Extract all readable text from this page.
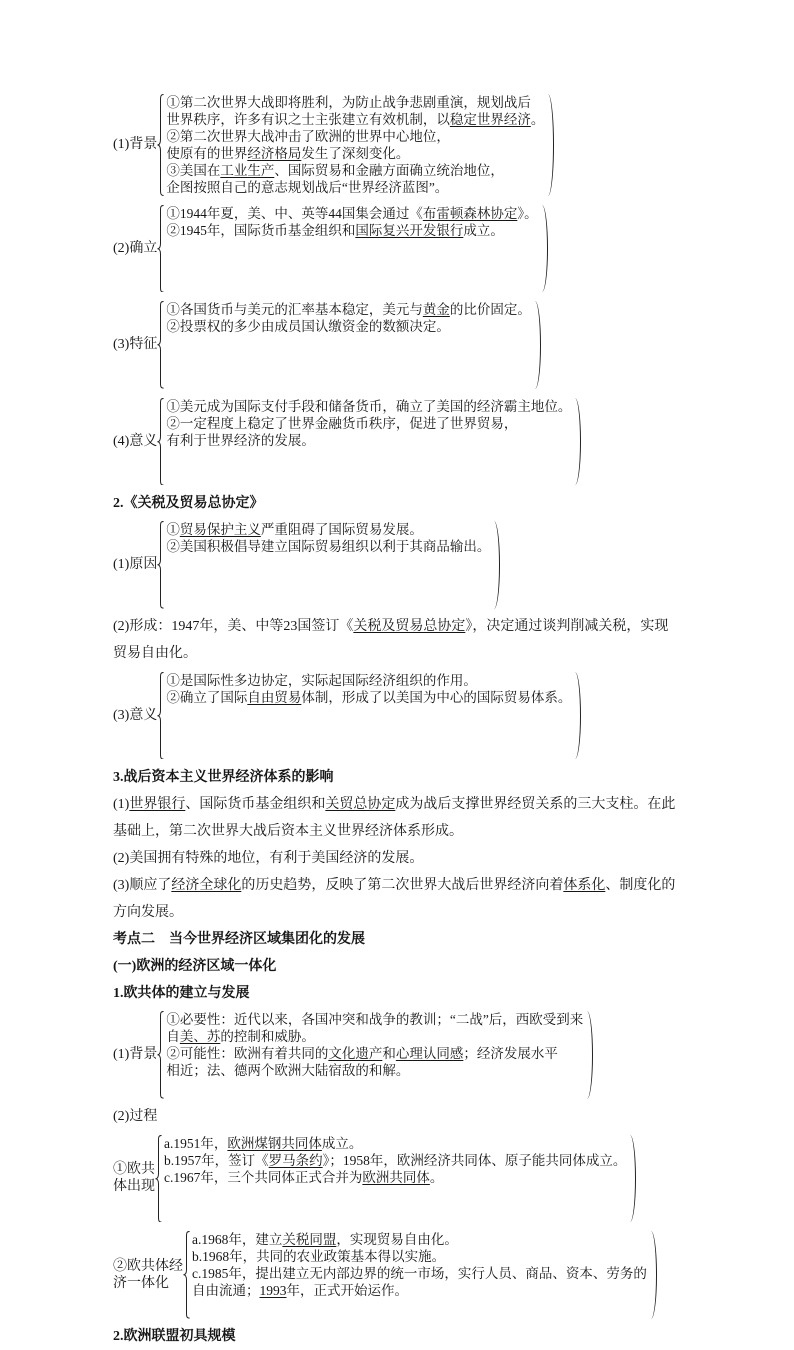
(1)背景
①第二次世界大战即将胜利，为防止战争悲剧重演，规划战后
世界秩序，许多有识之士主张建立有效机制，以稳定世界经济。
②第二次世界大战冲击了欧洲的世界中心地位，
使原有的世界经济格局发生了深刻变化。
③美国在工业生产、国际贸易和金融方面确立统治地位，
企图按照自己的意志规划战后“世界经济蓝图”。
(2)确立
①1944年夏，美、中、英等44国集会通过《布雷顿森林协定》。
②1945年，国际货币基金组织和国际复兴开发银行成立。
(3)特征
①各国货币与美元的汇率基本稳定，美元与黄金的比价固定。
②投票权的多少由成员国认缴资金的数额决定。
(4)意义
①美元成为国际支付手段和储备货币，确立了美国的经济霸主地位。
②一定程度上稳定了世界金融货币秩序，促进了世界贸易，
有利于世界经济的发展。
2.《关税及贸易总协定》
(1)原因
①贸易保护主义严重阻碍了国际贸易发展。
②美国积极倡导建立国际贸易组织以利于其商品输出。
(2)形成：1947年，美、中等23国签订《关税及贸易总协定》，决定通过谈判削减关税，实现
贸易自由化。
(3)意义
①是国际性多边协定，实际起国际经济组织的作用。
②确立了国际自由贸易体制，形成了以美国为中心的国际贸易体系。
3.战后资本主义世界经济体系的影响
(1)世界银行、国际货币基金组织和关贸总协定成为战后支撑世界经贸关系的三大支柱。在此
基础上，第二次世界大战后资本主义世界经济体系形成。
(2)美国拥有特殊的地位，有利于美国经济的发展。
(3)顺应了经济全球化的历史趋势，反映了第二次世界大战后世界经济向着体系化、制度化的
方向发展。
考点二　当今世界经济区域集团化的发展
(一)欧洲的经济区域一体化
1.欧共体的建立与发展
(1)背景
①必要性：近代以来，各国冲突和战争的教训；“二战”后，西欧受到来
自美、苏的控制和威胁。
②可能性：欧洲有着共同的文化遗产和心理认同感；经济发展水平
相近；法、德两个欧洲大陆宿敌的和解。
(2)过程
①欧共
体出现
a.1951年，欧洲煤钢共同体成立。
b.1957年，签订《罗马条约》；1958年，欧洲经济共同体、原子能共同体成立。
c.1967年，三个共同体正式合并为欧洲共同体。
②欧共体经
济一体化
a.1968年，建立关税同盟，实现贸易自由化。
b.1968年，共同的农业政策基本得以实施。
c.1985年，提出建立无内部边界的统一市场，实行人员、商品、资本、劳务的
自由流通；1993年，正式开始运作。
2.欧洲联盟初具规模
